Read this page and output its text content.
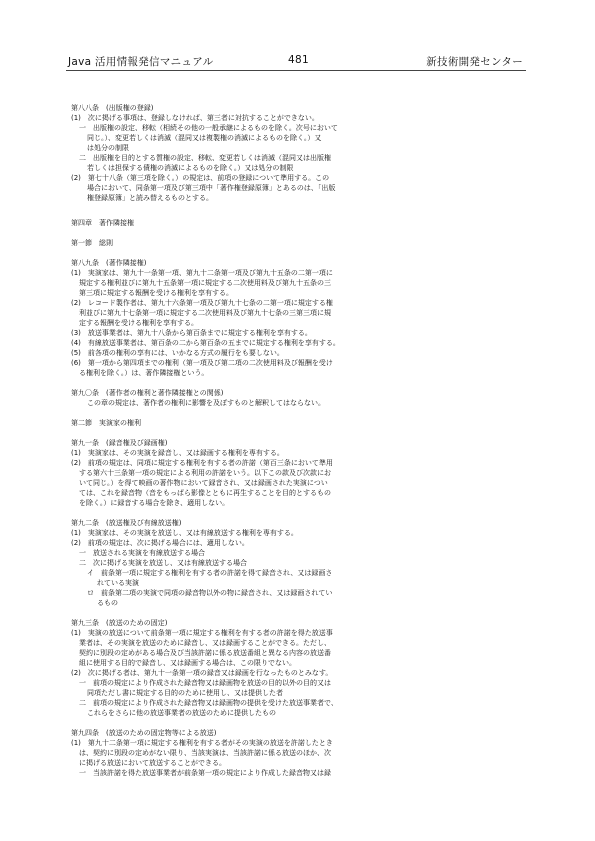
Java 活用情報発信マニュアル	481	新技術開発センター
第八八条　(出版権の登録)
(1)　次に掲げる事項は、登録しなければ、第三者に対抗することができない。
一　出版権の設定、移転（相続その他の一般承継によるものを除く。次号において
同じ。）、変更若しくは消滅（混同又は複製権の消滅によるものを除く。）又
は処分の制限
二　出版権を目的とする質権の設定、移転、変更若しくは消滅（混同又は出版権
若しくは担保する債権の消滅によるものを除く。）又は処分の制限
(2)　第七十八条（第三項を除く。）の規定は、前項の登録について準用する。この
場合において、同条第一項及び第三項中「著作権登録原簿」とあるのは、「出版
権登録原簿」と読み替えるものとする。
第四章　著作隣接権
第一節　総則
第八九条　(著作隣接権)
(1)　実演家は、第九十一条第一項、第九十二条第一項及び第九十五条の二第一項に
規定する権利並びに第九十五条第一項に規定する二次使用料及び第九十五条の三
第三項に規定する報酬を受ける権利を享有する。
(2)　レコード製作者は、第九十六条第一項及び第九十七条の二第一項に規定する権
利並びに第九十七条第一項に規定する二次使用料及び第九十七条の三第三項に規
定する報酬を受ける権利を享有する。
(3)　放送事業者は、第九十八条から第百条までに規定する権利を享有する。
(4)　有線放送事業者は、第百条の二から第百条の五までに規定する権利を享有する。
(5)　前各項の権利の享有には、いかなる方式の履行をも要しない。
(6)　第一項から第四項までの権利（第一項及び第二項の二次使用料及び報酬を受け
る権利を除く。）は、著作隣接権という。
第九〇条　(著作者の権利と著作隣接権との関係)
この章の規定は、著作者の権利に影響を及ぼすものと解釈してはならない。
第二節　実演家の権利
第九一条　(録音権及び録画権)
(1)　実演家は、その実演を録音し、又は録画する権利を専有する。
(2)　前項の規定は、同項に規定する権利を有する者の許諾（第百三条において準用
する第六十三条第一項の規定による利用の許諾をいう。以下この款及び次款にお
いて同じ。）を得て映画の著作物において録音され、又は録画された実演につい
ては、これを録音物（音をもっぱら影像とともに再生することを目的とするもの
を除く。）に録音する場合を除き、適用しない。
第九二条　(放送権及び有線放送権)
(1)　実演家は、その実演を放送し、又は有線放送する権利を専有する。
(2)　前項の規定は、次に掲げる場合には、適用しない。
一　放送される実演を有線放送する場合
二　次に掲げる実演を放送し、又は有線放送する場合
イ　前条第一項に規定する権利を有する者の許諾を得て録音され、又は録画さ
れている実演
ロ　前条第二項の実演で同項の録音物以外の物に録音され、又は録画されてい
るもの
第九三条　(放送のための固定)
(1)　実演の放送について前条第一項に規定する権利を有する者の許諾を得た放送事
業者は、その実演を放送のために録音し、又は録画することができる。ただし、
契約に別段の定めがある場合及び当該許諾に係る放送番組と異なる内容の放送番
組に使用する目的で録音し、又は録画する場合は、この限りでない。
(2)　次に掲げる者は、第九十一条第一項の録音又は録画を行なったものとみなす。
一　前項の規定により作成された録音物又は録画物を放送の目的以外の目的又は
同項ただし書に規定する目的のために使用し、又は提供した者
二　前項の規定により作成された録音物又は録画物の提供を受けた放送事業者で、
これらをさらに他の放送事業者の放送のために提供したもの
第九四条　(放送のための固定物等による放送)
(1)　第九十二条第一項に規定する権利を有する者がその実演の放送を許諾したとき
は、契約に別段の定めがない限り、当該実演は、当該許諾に係る放送のほか、次
に掲げる放送において放送することができる。
一　当該許諾を得た放送事業者が前条第一項の規定により作成した録音物又は録
